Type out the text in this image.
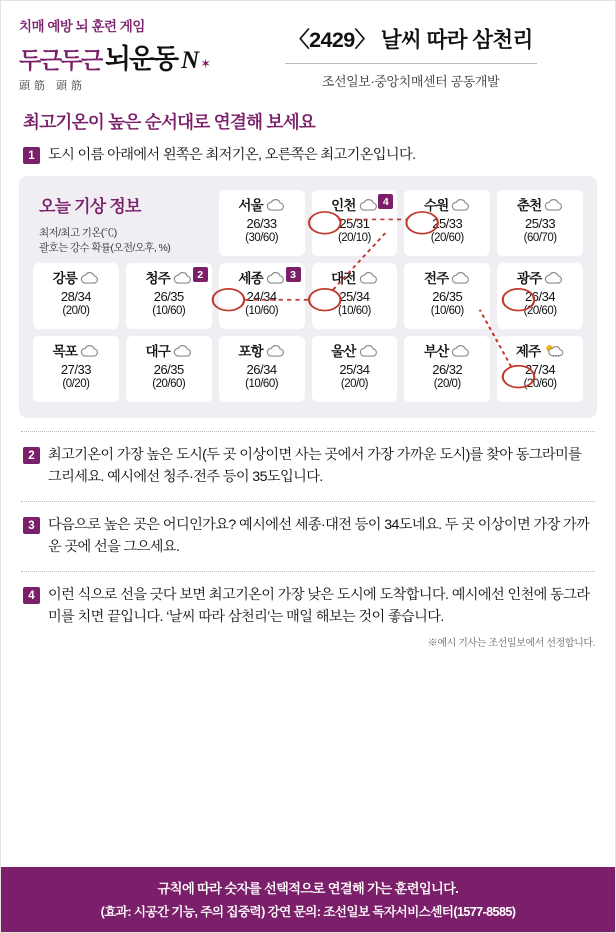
치매 예방 뇌 훈련 게임
두근두근 뇌운동 N ✶
頭筋 頭筋
〈2429〉 날씨 따라 삼천리
조선일보·중앙치매센터 공동개발
최고기온이 높은 순서대로 연결해 보세요
1 도시 이름 아래에서 왼쪽은 최저기온, 오른쪽은 최고기온입니다.
오늘 기상 정보
최저/최고 기온(℃)
괄호는 강수 확률(오전/오후, %)
서울
26/33
(30/60)
4
인천
25/31
(20/10)
수원
25/33
(20/60)
춘천
25/33
(60/70)
강릉
28/34
(20/0)
2
청주
26/35
(10/60)
3
세종
24/34
(10/60)
대전
25/34
(10/60)
전주
26/35
(10/60)
광주
26/34
(20/60)
목포
27/33
(0/20)
대구
26/35
(20/60)
포항
26/34
(10/60)
울산
25/34
(20/0)
부산
26/32
(20/0)
제주
27/34
(20/60)
2 최고기온이 가장 높은 도시(두 곳 이상이면 사는 곳에서 가장 가까운 도시)를 찾아 동그라미를 그리세요. 예시에선 청주·전주 등이 35도입니다.
3 다음으로 높은 곳은 어디인가요? 예시에선 세종·대전 등이 34도네요. 두 곳 이상이면 가장 가까운 곳에 선을 그으세요.
4 이런 식으로 선을 긋다 보면 최고기온이 가장 낮은 도시에 도착합니다. 예시에선 인천에 동그라미를 치면 끝입니다. ‘날씨 따라 삼천리’는 매일 해보는 것이 좋습니다.
※예시 기사는 조선일보에서 선정합니다.
규칙에 따라 숫자를 선택적으로 연결해 가는 훈련입니다.
(효과: 시공간 기능, 주의 집중력) 강연 문의: 조선일보 독자서비스센터(1577-8585)
